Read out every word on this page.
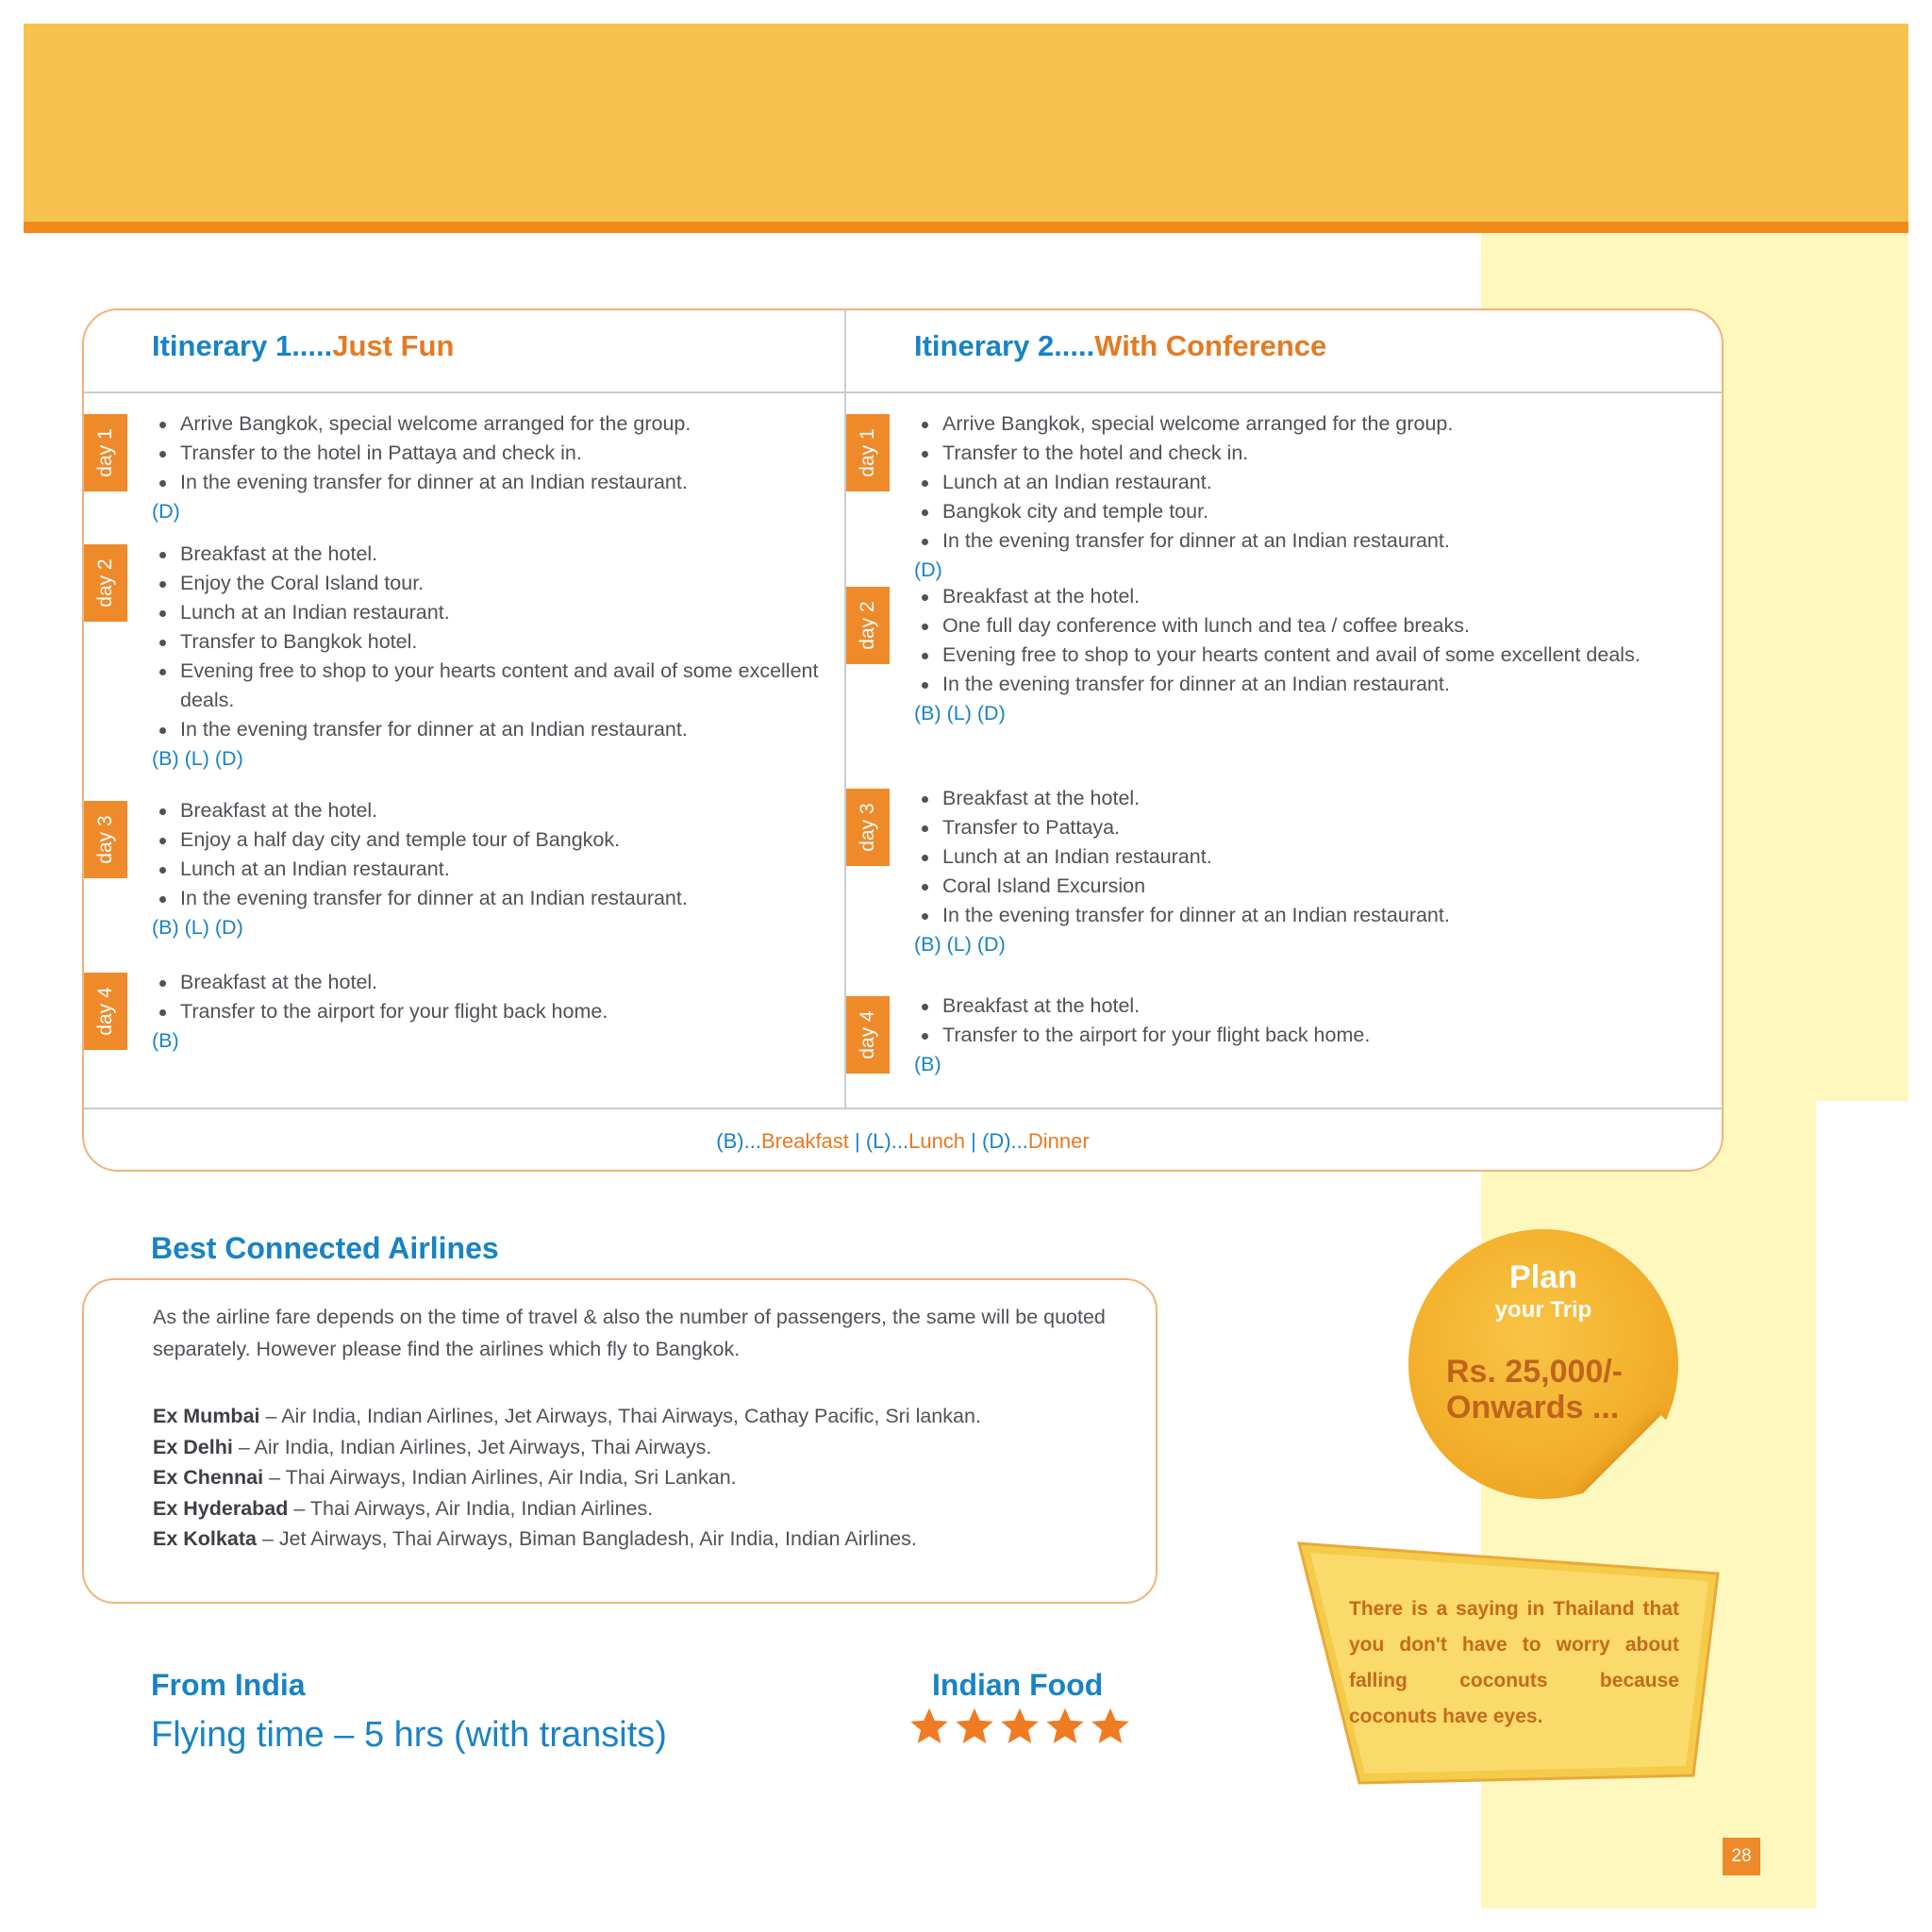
Itinerary 1.....Just Fun
day 1
Arrive Bangkok, special welcome arranged for the group.
Transfer to the hotel in Pattaya and check in.
In the evening transfer for dinner at an Indian restaurant.
(D)
day 2
Breakfast at the hotel.
Enjoy the Coral Island tour.
Lunch at an Indian restaurant.
Transfer to Bangkok hotel.
Evening free to shop to your hearts content and avail of some excellent deals.
In the evening transfer for dinner at an Indian restaurant.
(B) (L) (D)
day 3
Breakfast at the hotel.
Enjoy a half day city and temple tour of Bangkok.
Lunch at an Indian restaurant.
In the evening transfer for dinner at an Indian restaurant.
(B) (L) (D)
day 4
Breakfast at the hotel.
Transfer to the airport for your flight back home.
(B)
Itinerary 2.....With Conference
day 1
Arrive Bangkok, special welcome arranged for the group.
Transfer to the hotel and check in.
Lunch at an Indian restaurant.
Bangkok city and temple tour.
In the evening transfer for dinner at an Indian restaurant.
(D)
day 2
Breakfast at the hotel.
One full day conference with lunch and tea / coffee breaks.
Evening free to shop to your hearts content and avail of some excellent deals.
In the evening transfer for dinner at an Indian restaurant.
(B) (L) (D)
day 3
Breakfast at the hotel.
Transfer to Pattaya.
Lunch at an Indian restaurant.
Coral Island Excursion
In the evening transfer for dinner at an Indian restaurant.
(B) (L) (D)
day 4
Breakfast at the hotel.
Transfer to the airport for your flight back home.
(B)
(B)...Breakfast | (L)...Lunch | (D)...Dinner
Best Connected Airlines
As the airline fare depends on the time of travel & also the number of passengers, the same will be quoted separately. However please find the airlines which fly to Bangkok.
Ex Mumbai – Air India, Indian Airlines, Jet Airways, Thai Airways, Cathay Pacific, Sri lankan.
Ex Delhi – Air India, Indian Airlines, Jet Airways, Thai Airways.
Ex Chennai – Thai Airways, Indian Airlines, Air India, Sri Lankan.
Ex Hyderabad – Thai Airways, Air India, Indian Airlines.
Ex Kolkata – Jet Airways, Thai Airways, Biman Bangladesh, Air India, Indian Airlines.
From India
Flying time – 5 hrs (with transits)
Indian Food
Plan
your Trip
Rs. 25,000/-
Onwards ...
There is a saying in Thailand that you don't have to worry about falling coconuts because coconuts have eyes.
28
